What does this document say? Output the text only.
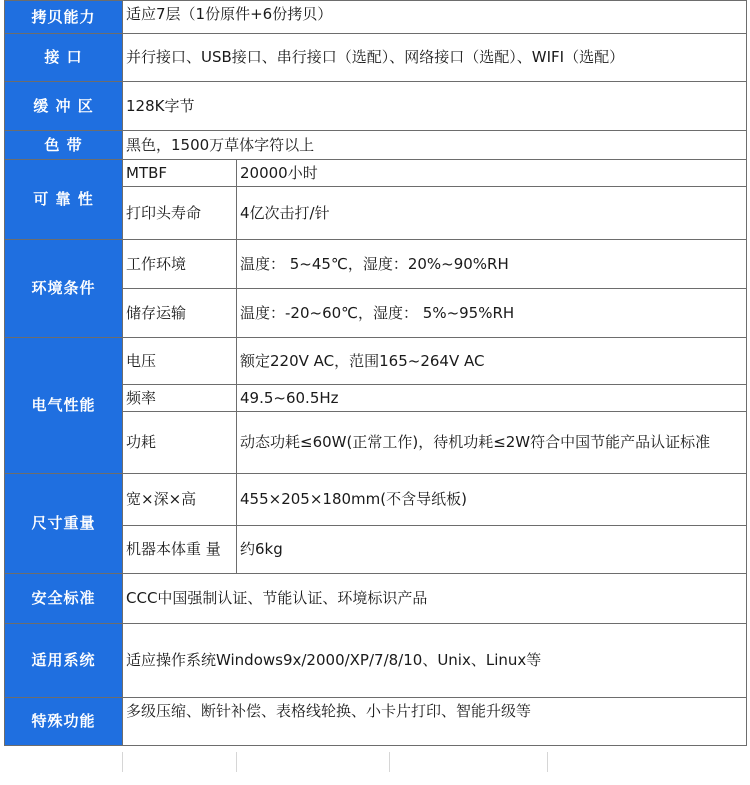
拷贝能力	适应7层（1份原件+6份拷贝）	
接 口	并行接口、USB接口、串行接口（选配）、网络接口（选配）、WIFI（选配）	
缓 冲 区	128K字节	
色 带	黑色，1500万草体字符以上	
可 靠 性	MTBF	20000小时
	打印头寿命	4亿次击打/针
环境条件	工作环境	温度： 5~45℃，湿度：20%~90%RH
	储存运输	温度：-20~60℃，湿度： 5%~95%RH
电气性能	电压	额定220V AC，范围165~264V AC
	频率	49.5~60.5Hz
	功耗	动态功耗≤60W(正常工作)，待机功耗≤2W符合中国节能产品认证标准
尺寸重量	宽×深×高	455×205×180mm(不含导纸板)
	机器本体重 量	约6kg
安全标准	CCC中国强制认证、节能认证、环境标识产品	
适用系统	适应操作系统Windows9x/2000/XP/7/8/10、Unix、Linux等	
特殊功能	多级压缩、断针补偿、表格线轮换、小卡片打印、智能升级等	
